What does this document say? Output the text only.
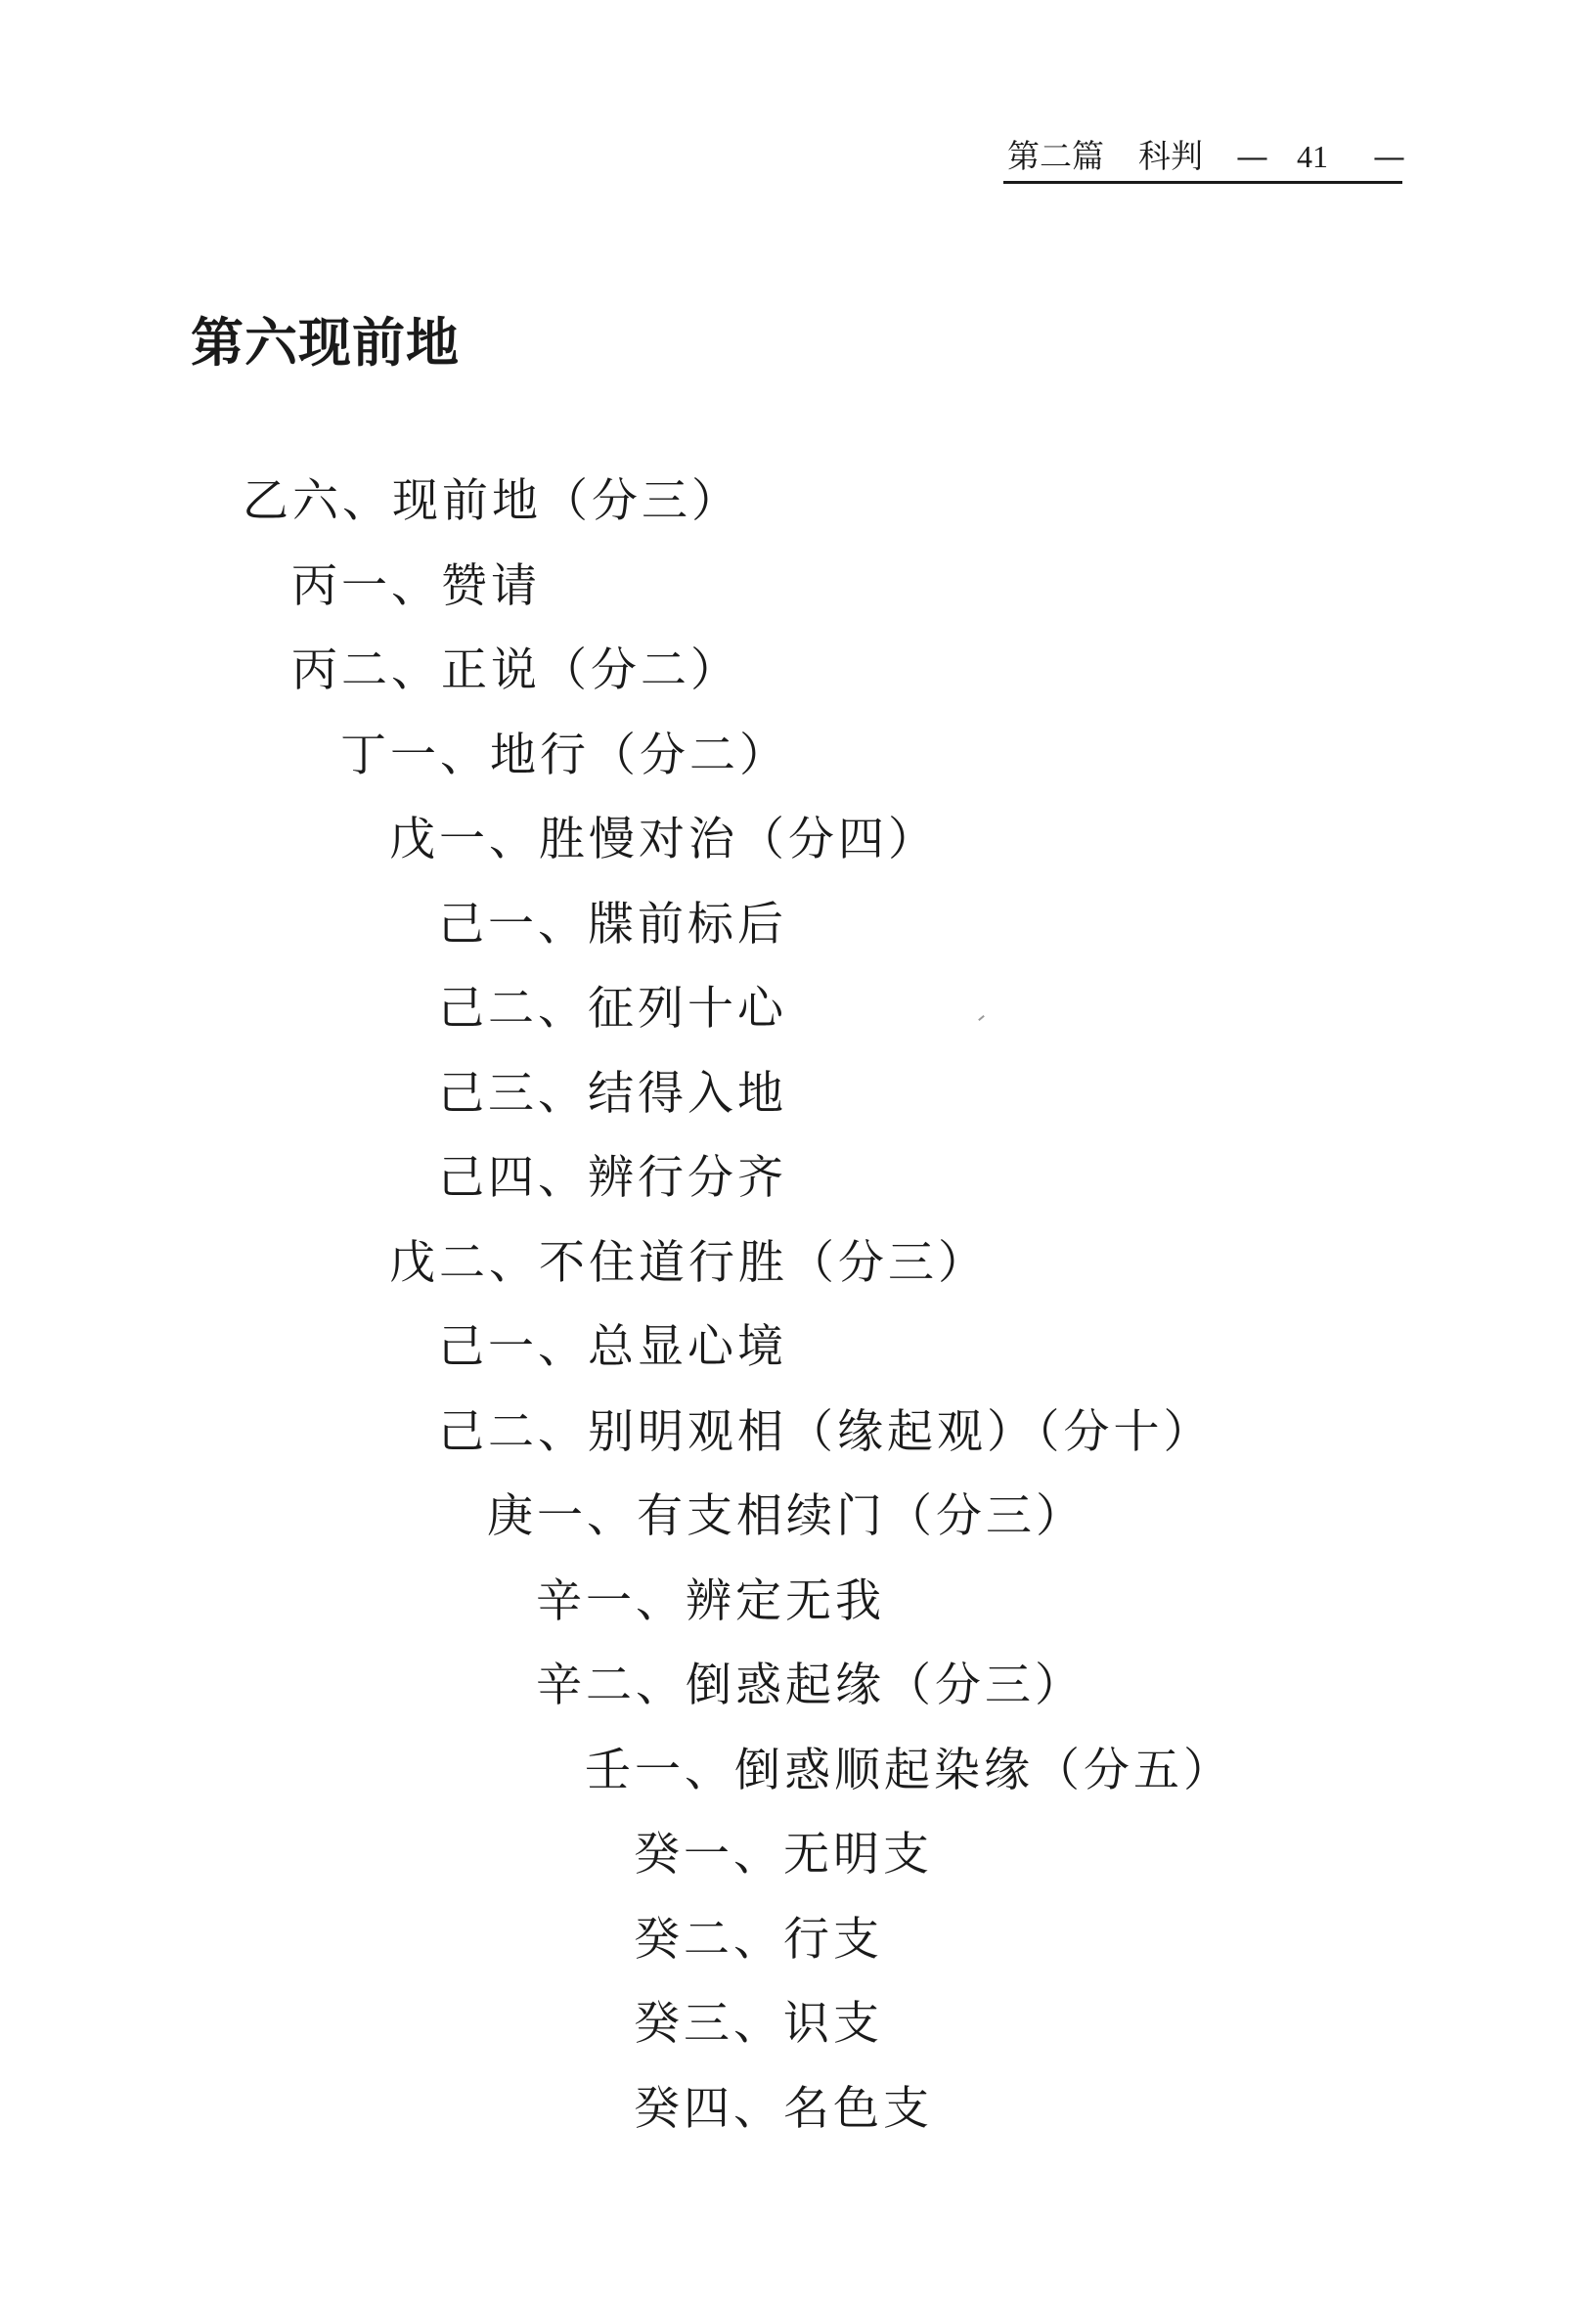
第二篇 科判 — 41 —
第六现前地
乙六、现前地（分三）
丙一、赞请
丙二、正说（分二）
丁一、地行（分二）
戊一、胜慢对治（分四）
己一、牒前标后
己二、征列十心
己三、结得入地
己四、辨行分齐
戊二、不住道行胜（分三）
己一、总显心境
己二、别明观相（缘起观）（分十）
庚一、有支相续门（分三）
辛一、辨定无我
辛二、倒惑起缘（分三）
壬一、倒惑顺起染缘（分五）
癸一、无明支
癸二、行支
癸三、识支
癸四、名色支
